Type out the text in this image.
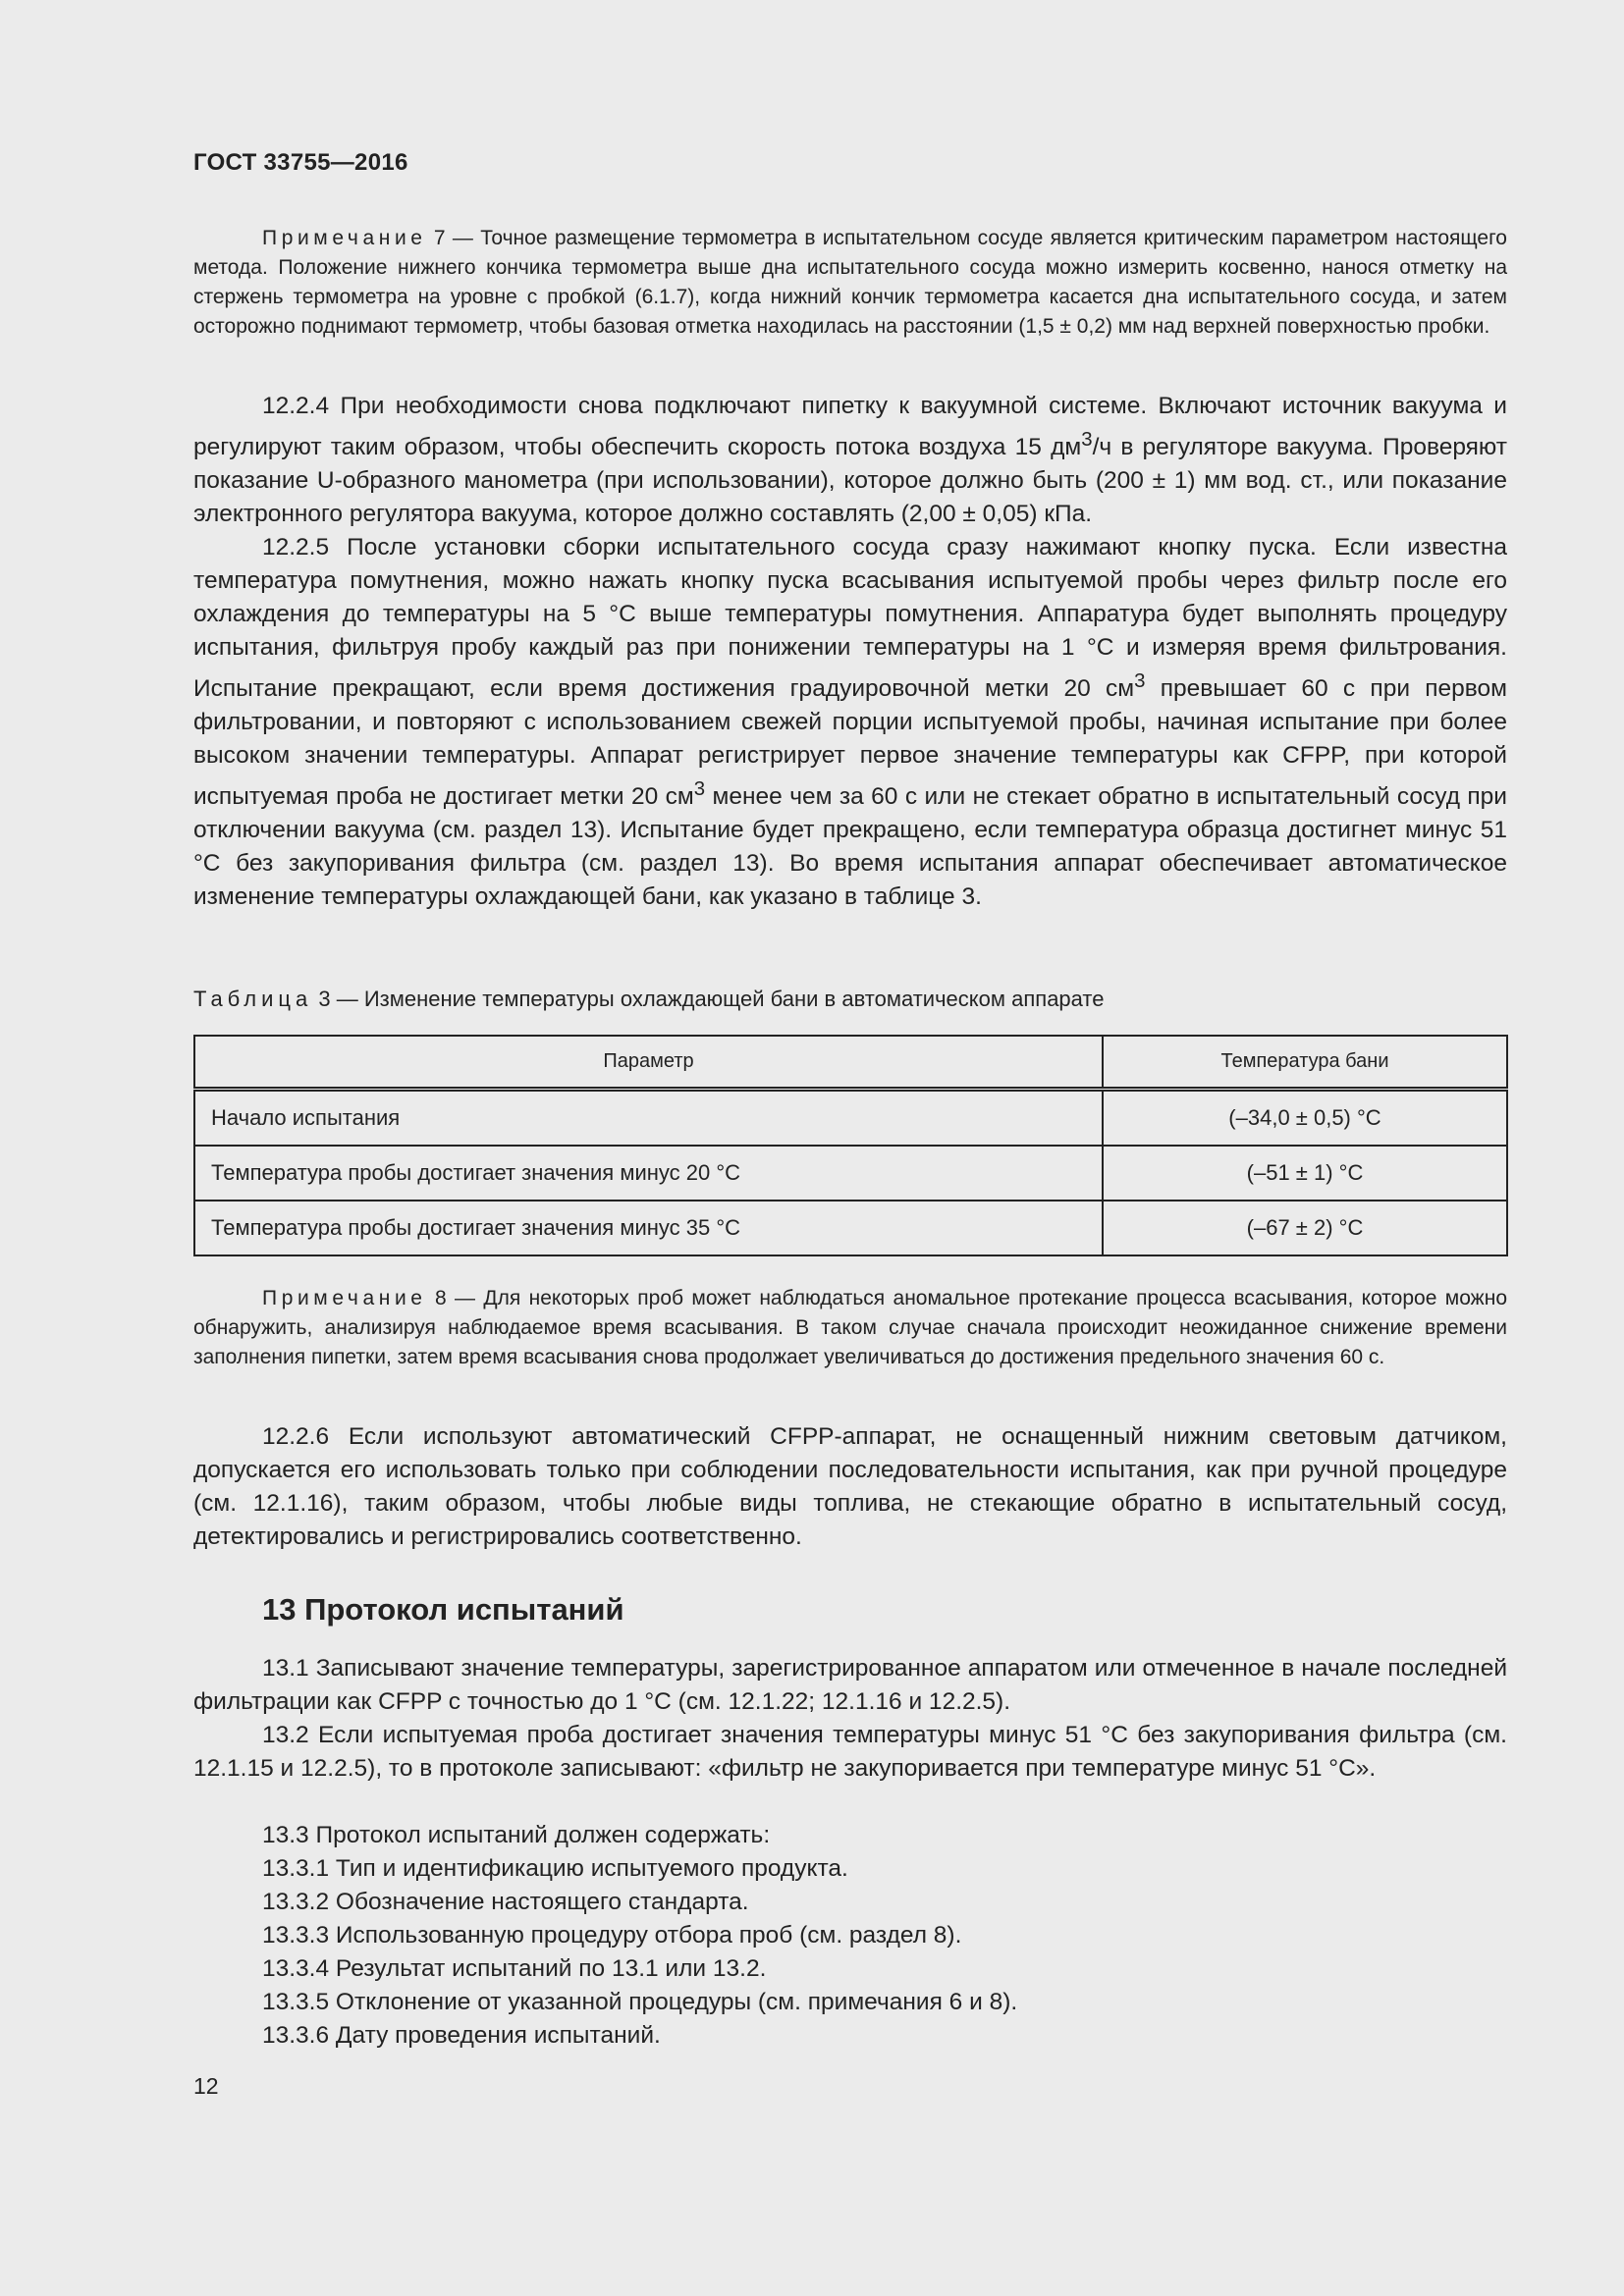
ГОСТ 33755—2016
Примечание 7 — Точное размещение термометра в испытательном сосуде является критическим параметром настоящего метода. Положение нижнего кончика термометра выше дна испытательного сосуда можно измерить косвенно, нанося отметку на стержень термометра на уровне с пробкой (6.1.7), когда нижний кончик термометра касается дна испытательного сосуда, и затем осторожно поднимают термометр, чтобы базовая отметка находилась на расстоянии (1,5 ± 0,2) мм над верхней поверхностью пробки.

12.2.4 При необходимости снова подключают пипетку к вакуумной системе. Включают источник вакуума и регулируют таким образом, чтобы обеспечить скорость потока воздуха 15 $дм^3/ч$ в регуляторе вакуума. Проверяют показание U-образного манометра (при использовании), которое должно быть (200 ± 1) мм вод. ст., или показание электронного регулятора вакуума, которое должно составлять (2,00 ± 0,05) кПа.

12.2.5 После установки сборки испытательного сосуда сразу нажимают кнопку пуска. Если известна температура помутнения, можно нажать кнопку пуска всасывания испытуемой пробы через фильтр после его охлаждения до температуры на 5 °С выше температуры помутнения. Аппаратура будет выполнять процедуру испытания, фильтруя пробу каждый раз при понижении температуры на 1 °С и измеряя время фильтрования. Испытание прекращают, если время достижения градуировочной метки 20 $см^3$ превышает 60 с при первом фильтровании, и повторяют с использованием свежей порции испытуемой пробы, начиная испытание при более высоком значении температуры. Аппарат регистрирует первое значение температуры как CFPP, при которой испытуемая проба не достигает метки 20 $см^3$ менее чем за 60 с или не стекает обратно в испытательный сосуд при отключении вакуума (см. раздел 13). Испытание будет прекращено, если температура образца достигнет минус 51 °С без закупоривания фильтра (см. раздел 13). Во время испытания аппарат обеспечивает автоматическое изменение температуры охлаждающей бани, как указано в таблице 3.

Таблица 3 — Изменение температуры охлаждающей бани в автоматическом аппарате
Параметр	Температура бани
Начало испытания	(–34,0 ± 0,5) °С
Температура пробы достигает значения минус 20 °С	(–51 ± 1) °С
Температура пробы достигает значения минус 35 °С	(–67 ± 2) °С
Примечание 8 — Для некоторых проб может наблюдаться аномальное протекание процесса всасывания, которое можно обнаружить, анализируя наблюдаемое время всасывания. В таком случае сначала происходит неожиданное снижение времени заполнения пипетки, затем время всасывания снова продолжает увеличиваться до достижения предельного значения 60 с.

12.2.6 Если используют автоматический CFPP-аппарат, не оснащенный нижним световым датчиком, допускается его использовать только при соблюдении последовательности испытания, как при ручной процедуре (см. 12.1.16), таким образом, чтобы любые виды топлива, не стекающие обратно в испытательный сосуд, детектировались и регистрировались соответственно.

13 Протокол испытаний

13.1 Записывают значение температуры, зарегистрированное аппаратом или отмеченное в начале последней фильтрации как CFPP с точностью до 1 °С (см. 12.1.22; 12.1.16 и 12.2.5).

13.2 Если испытуемая проба достигает значения температуры минус 51 °С без закупоривания фильтра (см. 12.1.15 и 12.2.5), то в протоколе записывают: «фильтр не закупоривается при температуре минус 51 °С».

13.3 Протокол испытаний должен содержать:
13.3.1 Тип и идентификацию испытуемого продукта.
13.3.2 Обозначение настоящего стандарта.
13.3.3 Использованную процедуру отбора проб (см. раздел 8).
13.3.4 Результат испытаний по 13.1 или 13.2.
13.3.5 Отклонение от указанной процедуры (см. примечания 6 и 8).
13.3.6 Дату проведения испытаний.
12
